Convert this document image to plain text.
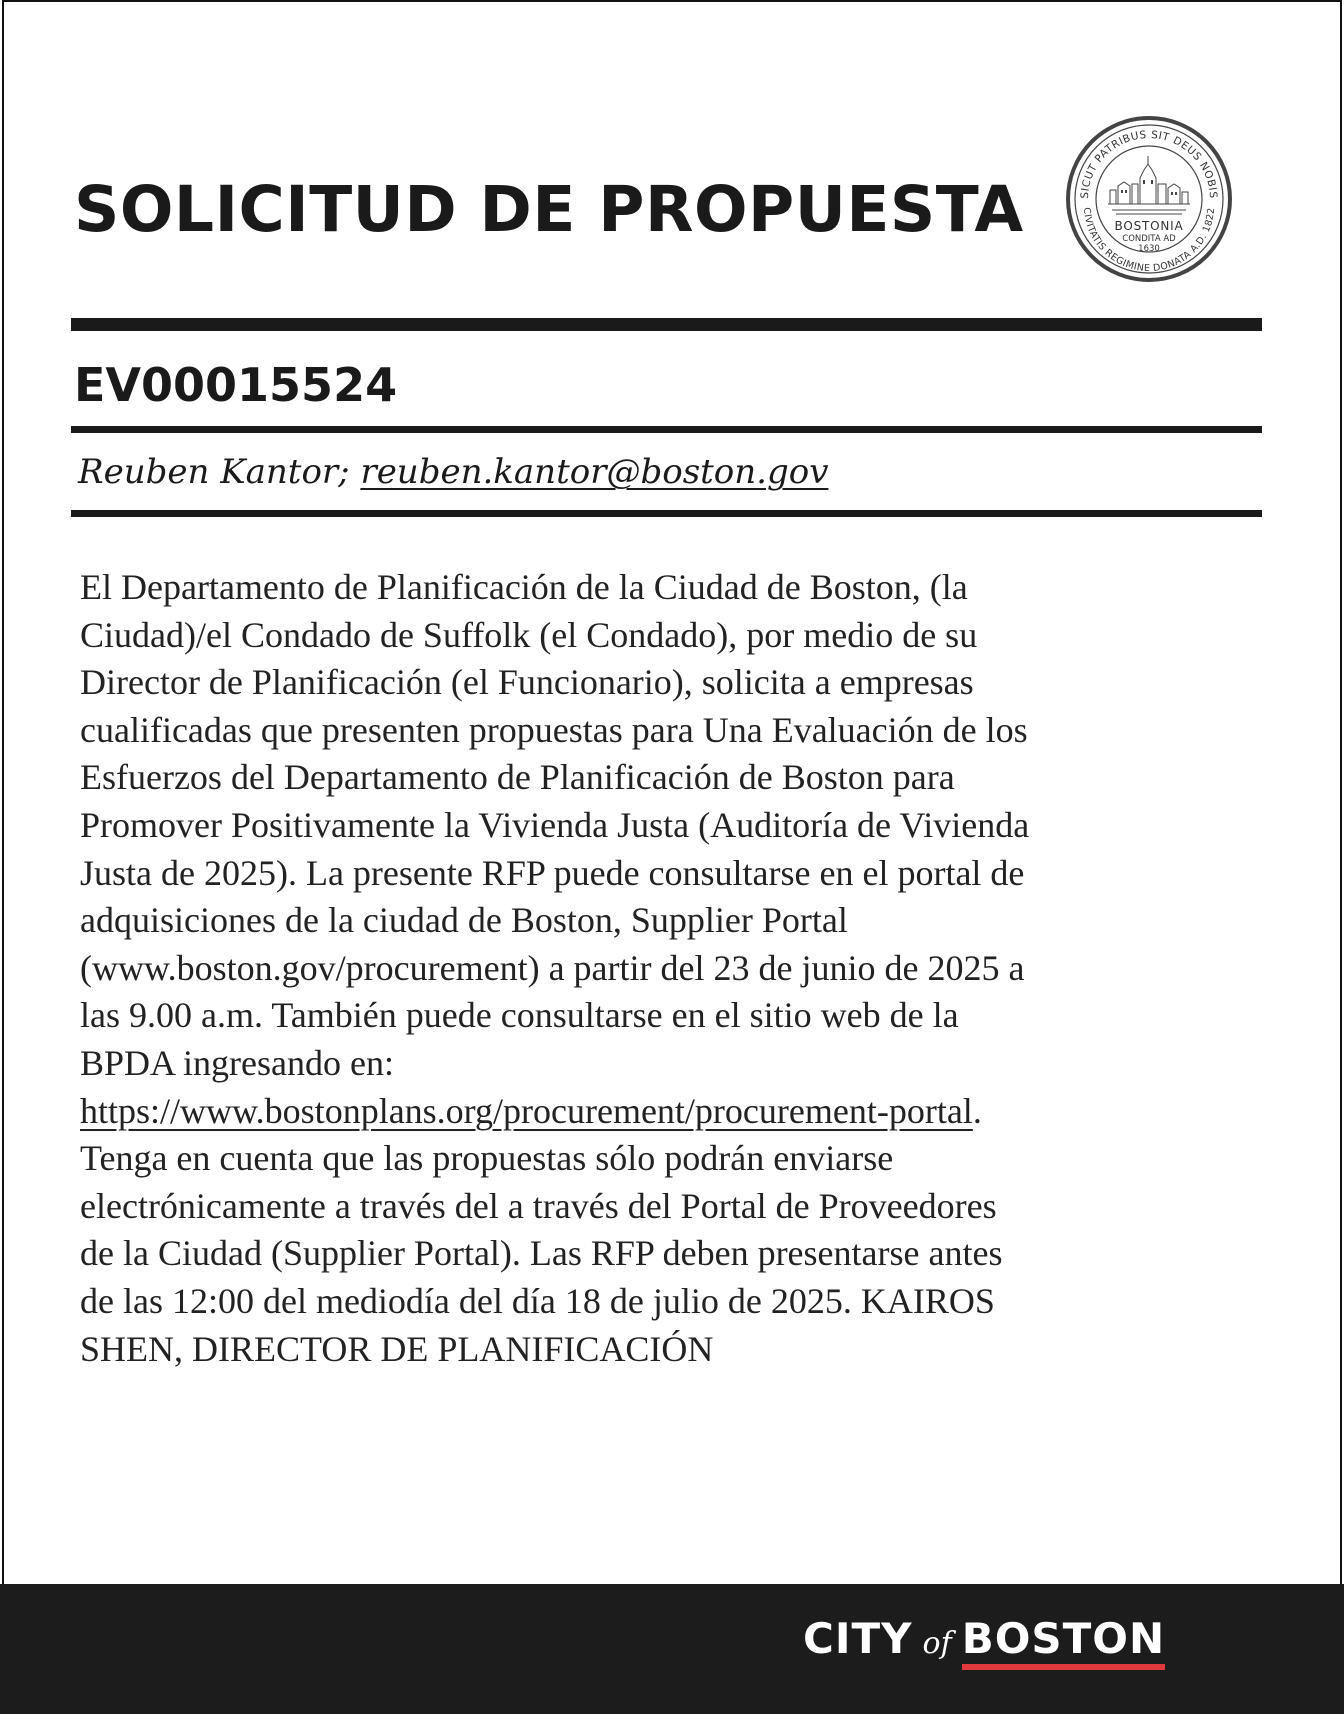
SOLICITUD DE PROPUESTA	SICUT PATRIBUS SIT DEUS NOBIS
CIVITATIS REGIMINE DONATA A.D. 1822
BOSTONIA
CONDITA AD
1630
EV00015524
Reuben Kantor; reuben.kantor@boston.gov
El Departamento de Planificación de la Ciudad de Boston, (la
Ciudad)/el Condado de Suffolk (el Condado), por medio de su
Director de Planificación (el Funcionario), solicita a empresas
cualificadas que presenten propuestas para Una Evaluación de los
Esfuerzos del Departamento de Planificación de Boston para
Promover Positivamente la Vivienda Justa (Auditoría de Vivienda
Justa de 2025). La presente RFP puede consultarse en el portal de
adquisiciones de la ciudad de Boston, Supplier Portal
(www.boston.gov/procurement) a partir del 23 de junio de 2025 a
las 9.00 a.m. También puede consultarse en el sitio web de la
BPDA ingresando en:
https://www.bostonplans.org/procurement/procurement-portal.
Tenga en cuenta que las propuestas sólo podrán enviarse
electrónicamente a través del a través del Portal de Proveedores
de la Ciudad (Supplier Portal). Las RFP deben presentarse antes
de las 12:00 del mediodía del día 18 de julio de 2025. KAIROS
SHEN, DIRECTOR DE PLANIFICACIÓN
CITY of BOSTON
